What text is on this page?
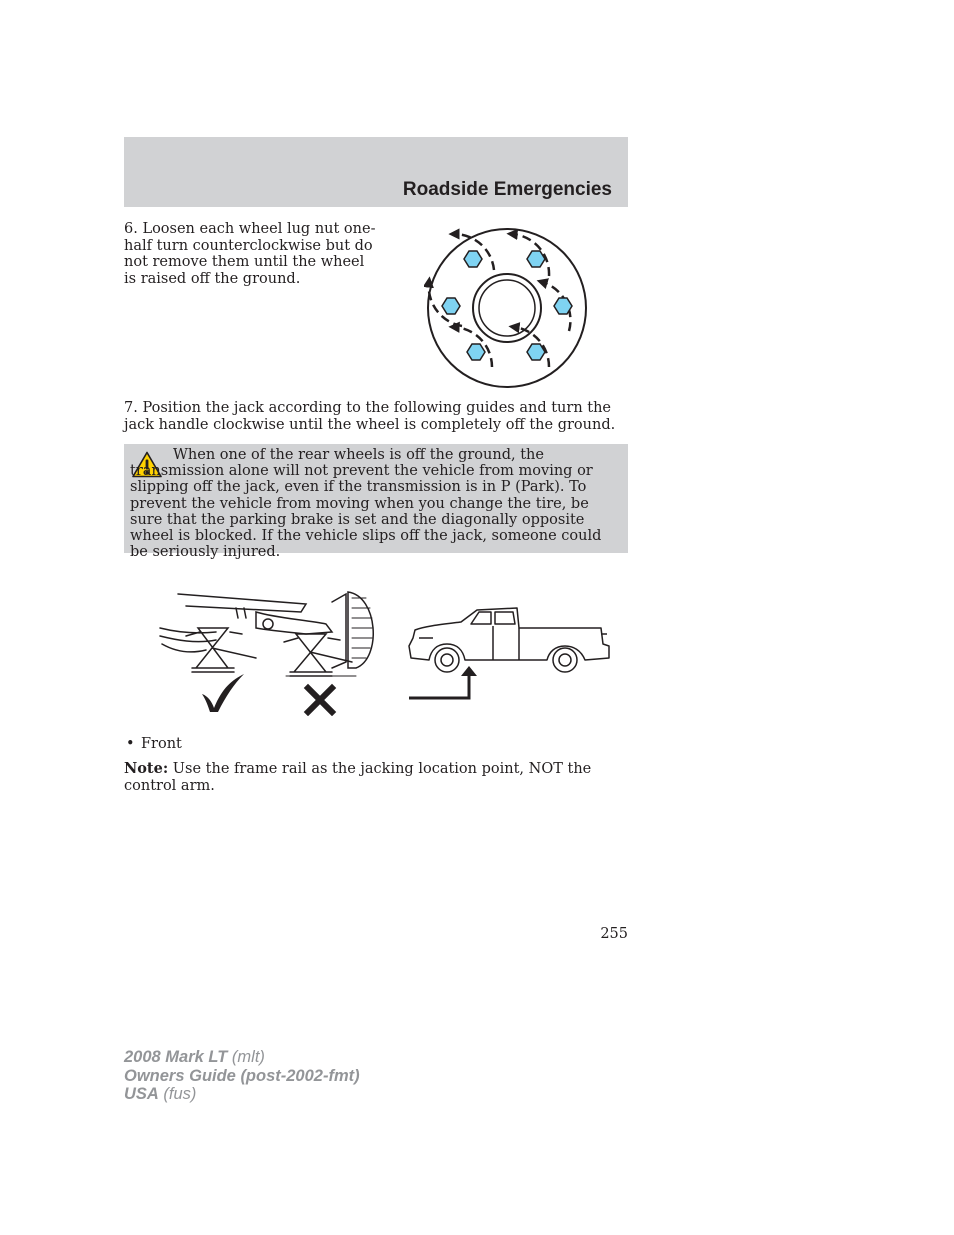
Roadside Emergencies
6. Loosen each wheel lug nut one-half turn counterclockwise but do not remove them until the wheel is raised off the ground.
7. Position the jack according to the following guides and turn the jack handle clockwise until the wheel is completely off the ground.
When one of the rear wheels is off the ground, the transmission alone will not prevent the vehicle from moving or slipping off the jack, even if the transmission is in P (Park). To prevent the vehicle from moving when you change the tire, be sure that the parking brake is set and the diagonally opposite wheel is blocked. If the vehicle slips off the jack, someone could be seriously injured.
• Front
Note: Use the frame rail as the jacking location point, NOT the control arm.
255
2008 Mark LT (mlt)
Owners Guide (post-2002-fmt)
USA (fus)
